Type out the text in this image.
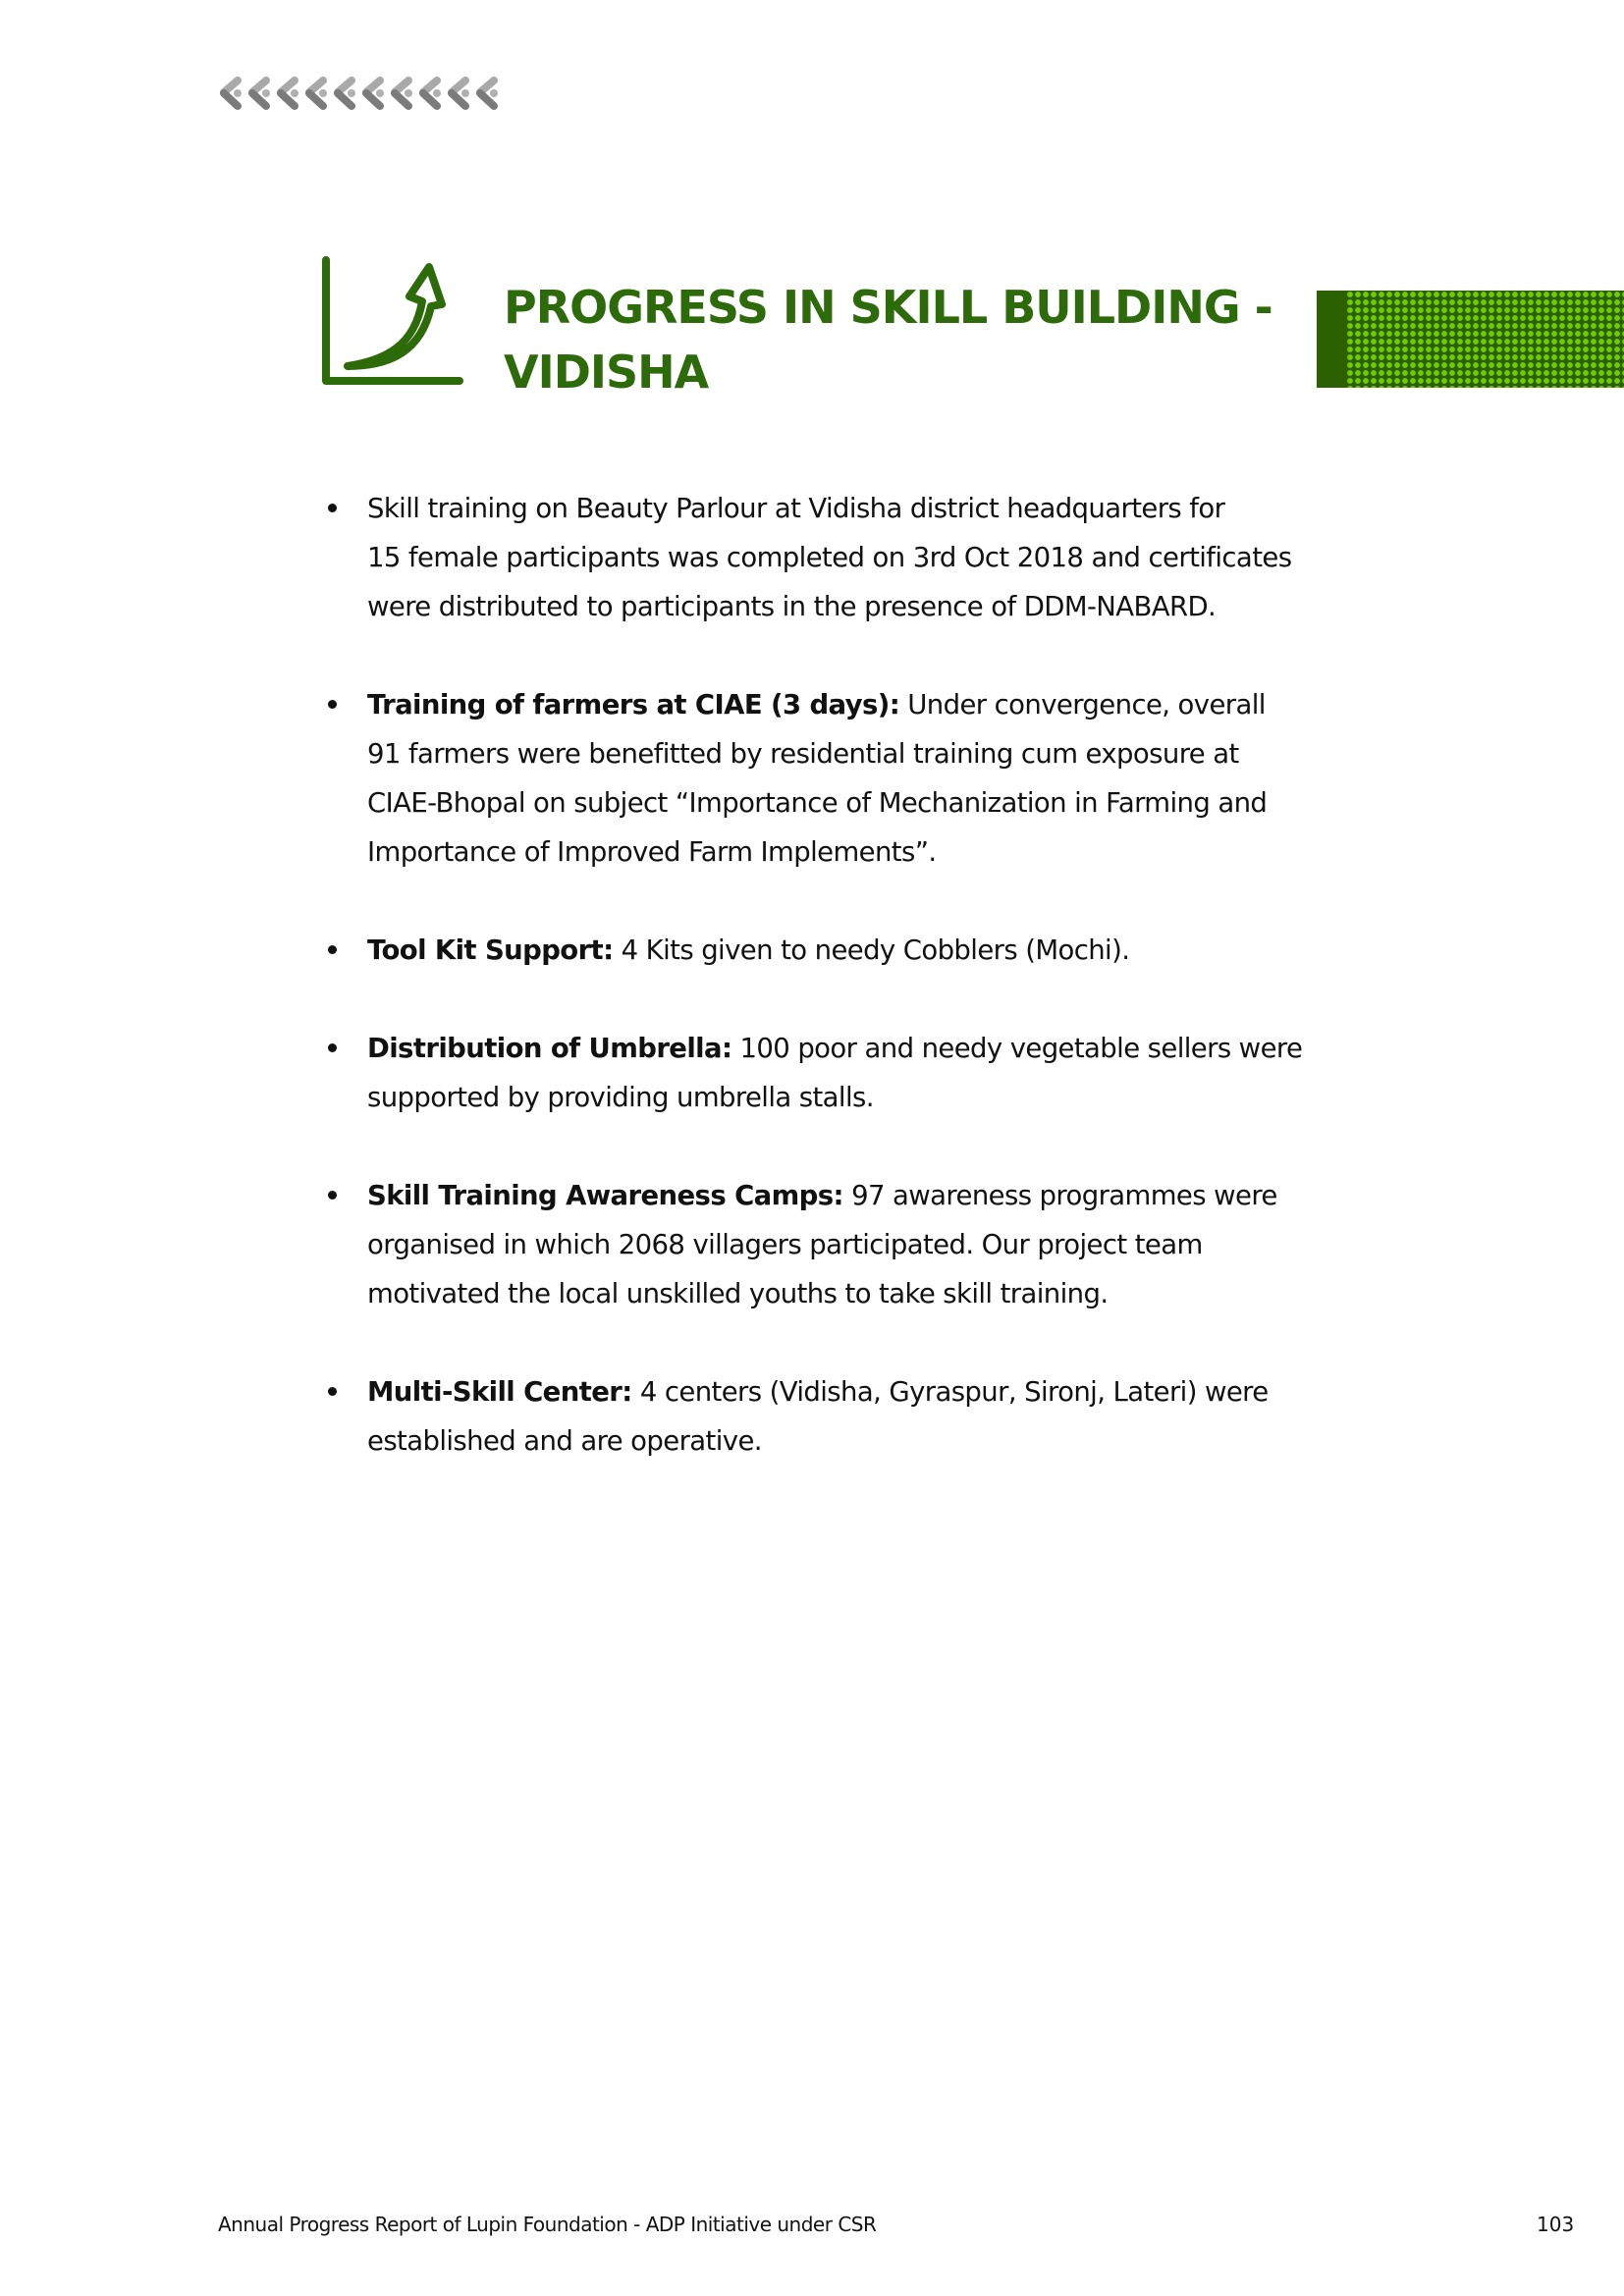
PROGRESS IN SKILL BUILDING -
VIDISHA
Skill training on Beauty Parlour at Vidisha district headquarters for
15 female participants was completed on 3rd Oct 2018 and certificates
were distributed to participants in the presence of DDM-NABARD.
Training of farmers at CIAE (3 days): Under convergence, overall
91 farmers were benefitted by residential training cum exposure at
CIAE-Bhopal on subject “Importance of Mechanization in Farming and
Importance of Improved Farm Implements”.
Tool Kit Support: 4 Kits given to needy Cobblers (Mochi).
Distribution of Umbrella: 100 poor and needy vegetable sellers were
supported by providing umbrella stalls.
Skill Training Awareness Camps: 97 awareness programmes were
organised in which 2068 villagers participated. Our project team
motivated the local unskilled youths to take skill training.
Multi-Skill Center: 4 centers (Vidisha, Gyraspur, Sironj, Lateri) were
established and are operative.
Annual Progress Report of Lupin Foundation - ADP Initiative under CSR	103
